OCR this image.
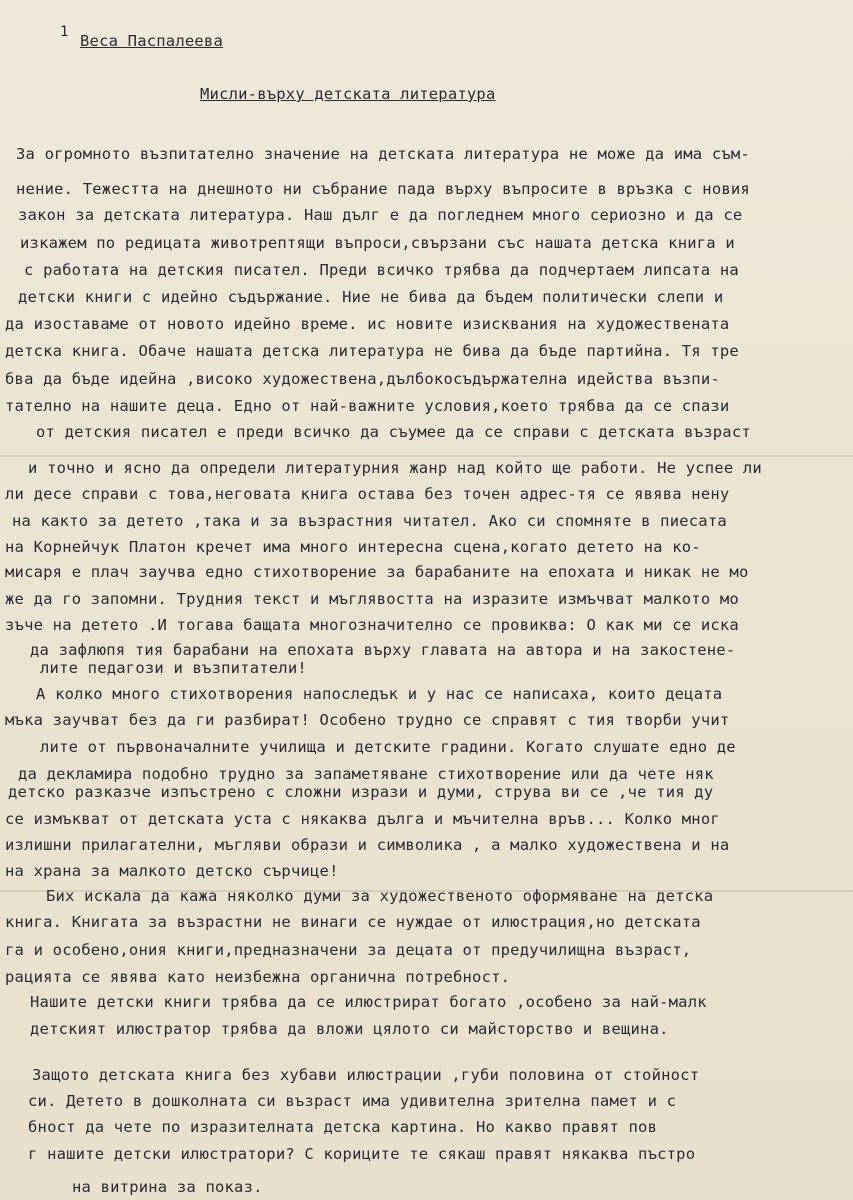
1 Веса Паспалеева
Мисли-върху детската литература
За огромното възпитателно значение на детската литература не може да има съм-
нение. Тежестта на днешното ни събрание пада върху въпросите в връзка с новия
закон за детската литература. Наш дълг е да погледнем много сериозно и да се
изкажем по редицата животрептящи въпроси,свързани със нашата детска книга и
с работата на детския писател. Преди всичко трябва да подчертаем липсата на
детски книги с идейно съдържание. Ние не бива да бъдем политически слепи и
да изоставаме от новото идейно време. ис новите изисквания на художествената
детска книга. Обаче нашата детска литература не бива да бъде партийна. Тя тре
бва да бъде идейна ,високо художествена,дълбокосъдържателна идейства възпи-
тателно на нашите деца. Едно от най-важните условия,което трябва да се спази
от детския писател е преди всичко да съумее да се справи с детската възраст
и точно и ясно да определи литературния жанр над който ще работи. Не успее ли
ли десе справи с това,неговата книга остава без точен адрес-тя се явява нену
на както за детето ,така и за възрастния читател. Ако си спомняте в пиесата
на Корнейчук Платон кречет има много интересна сцена,когато детето на ко-
мисаря е плач заучва едно стихотворение за барабаните на епохата и никак не мо
же да го запомни. Трудния текст и мъглявостта на изразите измъчват малкото мо
зъче на детето .И тогава бащата многозначително се провиква: О как ми се иска
да зафлюпя тия барабани на епохата върху главата на автора и на закостене-
лите педагози и възпитатели!
А колко много стихотворения напоследък и у нас се написаха, които децата
мъка заучват без да ги разбират! Особено трудно се справят с тия творби учит
лите от първоначалните училища и детските градини. Когато слушате едно де
да декламира подобно трудно за запаметяване стихотворение или да чете няк
детско разказче изпъстрено с сложни изрази и думи, струва ви се ,че тия ду
се измъкват от детската уста с някаква дълга и мъчителна връв... Колко мног
излишни прилагателни, мъгляви образи и символика , а малко художествена и на
на храна за малкото детско сърчице!
Бих искала да кажа няколко думи за художественото оформяване на детска
книга. Книгата за възрастни не винаги се нуждае от илюстрация,но детската
га и особено,ония книги,предназначени за децата от предучилищна възраст,
рацията се явява като неизбежна органична потребност.
Нашите детски книги трябва да се илюстрират богато ,особено за най-малк
детският илюстратор трябва да вложи цялото си майсторство и вещина.
Защото детската книга без хубави илюстрации ,губи половина от стойност
си. Детето в дошколната си възраст има удивителна зрителна памет и с
бност да чете по изразителната детска картина. Но какво правят пов
г нашите детски илюстратори? С кориците те сякаш правят някаква пъстро
на витрина за показ.
